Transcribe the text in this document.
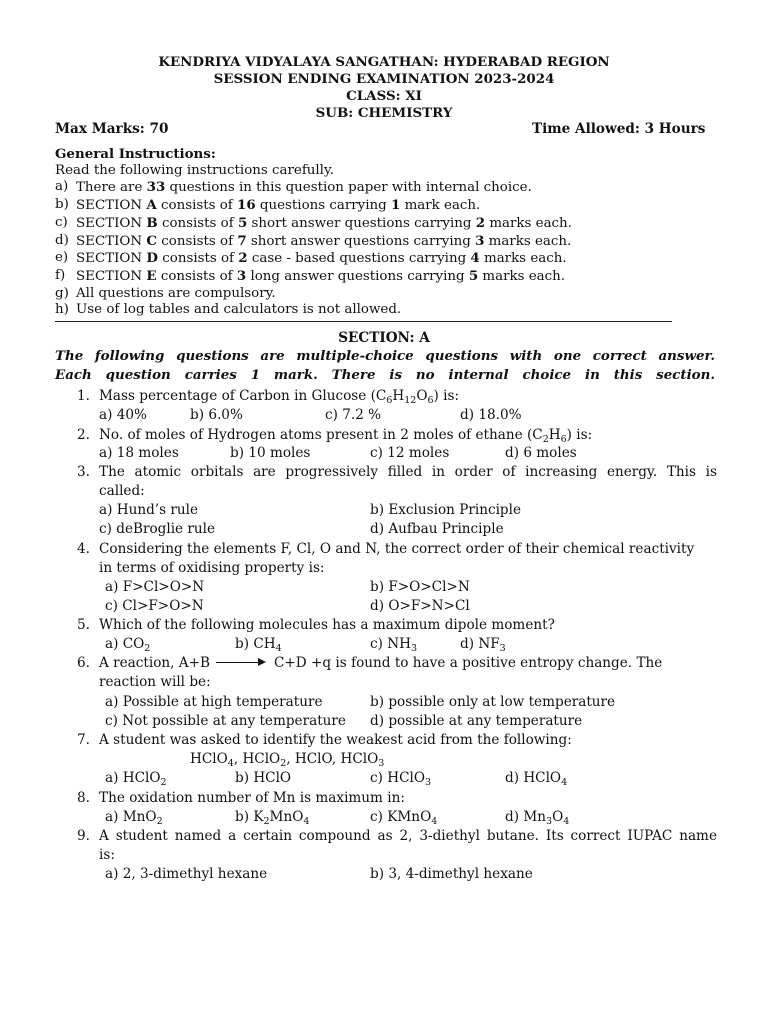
KENDRIYA VIDYALAYA SANGATHAN: HYDERABAD REGION
SESSION ENDING EXAMINATION 2023-2024
CLASS: XI
SUB: CHEMISTRY
Max Marks: 70	Time Allowed: 3 Hours
General Instructions:
Read the following instructions carefully.
a) There are 33 questions in this question paper with internal choice.
b) SECTION A consists of 16 questions carrying 1 mark each.
c) SECTION B consists of 5 short answer questions carrying 2 marks each.
d) SECTION C consists of 7 short answer questions carrying 3 marks each.
e) SECTION D consists of 2 case - based questions carrying 4 marks each.
f) SECTION E consists of 3 long answer questions carrying 5 marks each.
g) All questions are compulsory.
h) Use of log tables and calculators is not allowed.
SECTION: A
The following questions are multiple-choice questions with one correct answer.
Each question carries 1 mark. There is no internal choice in this section.
1. Mass percentage of Carbon in Glucose $(C_6H_{12}O_6)$ is:
a) 40%	b) 6.0%	c) 7.2 %	d) 18.0%
2. No. of moles of Hydrogen atoms present in 2 moles of ethane $(C_2H_6)$ is:
a) 18 moles	b) 10 moles	c) 12 moles	d) 6 moles
3. The atomic orbitals are progressively filled in order of increasing energy. This is
called:
a) Hund’s rule	b) Exclusion Principle
c) deBroglie rule	d) Aufbau Principle
4. Considering the elements F, Cl, O and N, the correct order of their chemical reactivity
in terms of oxidising property is:
a) F>Cl>O>N	b) F>O>Cl>N
c) Cl>F>O>N	d) O>F>N>Cl
5. Which of the following molecules has a maximum dipole moment?
a) $CO_2$	b) $CH_4$	c) $NH_3$	d) $NF_3$
6. A reaction, A+B	C+D +q is found to have a positive entropy change. The
reaction will be:
a) Possible at high temperature	b) possible only at low temperature
c) Not possible at any temperature d) possible at any temperature
7. A student was asked to identify the weakest acid from the following:
HClO$_4$, HClO$_2$, HClO, HClO$_3$
a) HClO$_2$	b) HClO	c) HClO$_3$	d) HClO$_4$
8. The oxidation number of Mn is maximum in:
a) MnO$_2$	b) $K_2MnO_4$	c) KMnO$_4$	d) $Mn_3O_4$
9. A student named a certain compound as 2, 3-diethyl butane. Its correct IUPAC name
is:
a) 2, 3-dimethyl hexane	b) 3, 4-dimethyl hexane
